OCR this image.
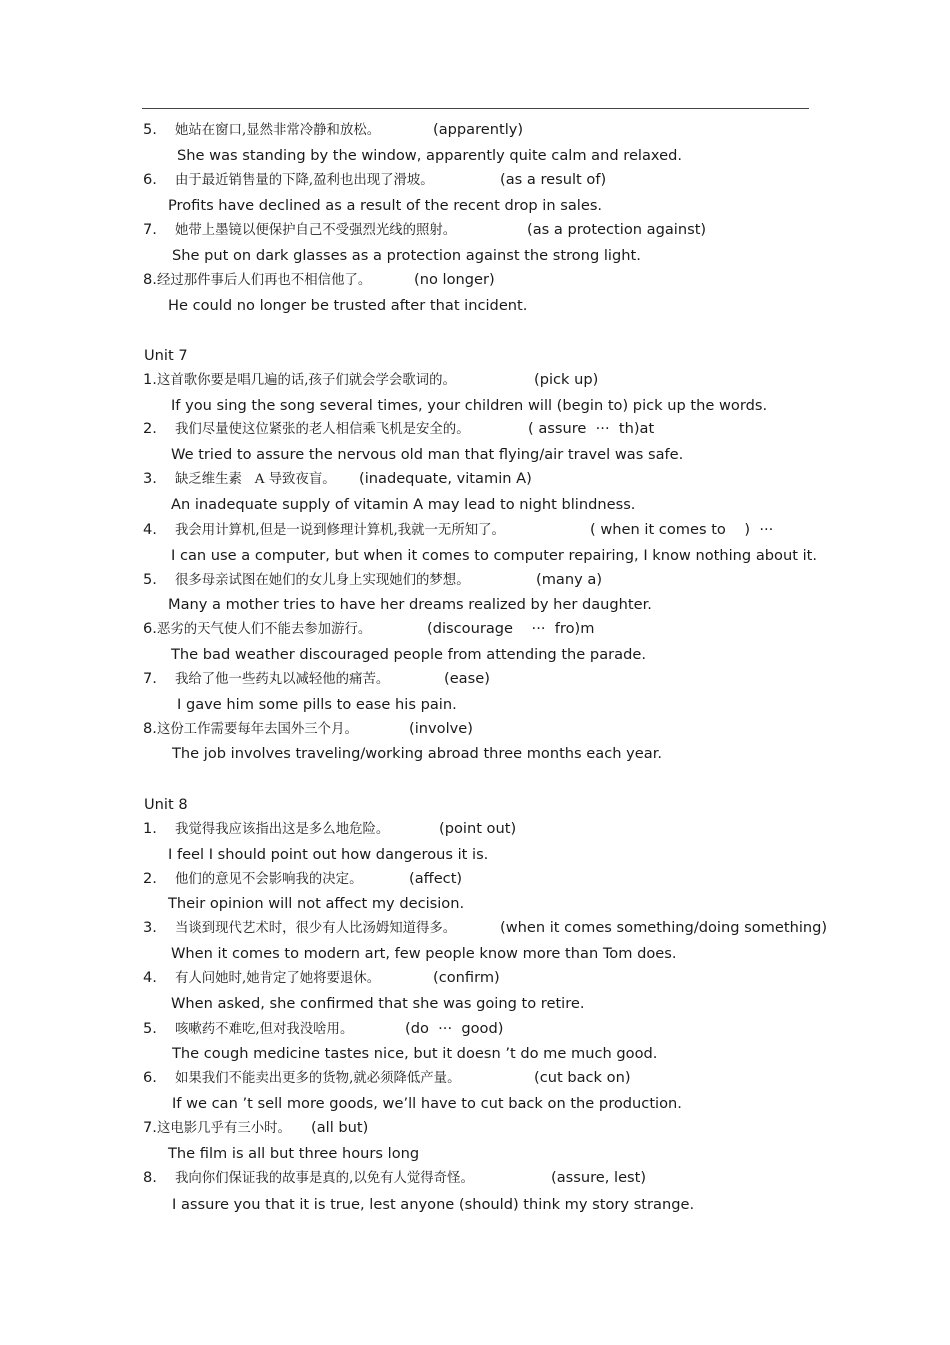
5. 她站在窗口,显然非常冷静和放松。	(apparently)
She was standing by the window, apparently quite calm and relaxed.
6. 由于最近销售量的下降,盈利也出现了滑坡。	(as a result of)
Profits have declined as a result of the recent drop in sales.
7. 她带上墨镜以便保护自己不受强烈光线的照射。	(as a protection against)
She put on dark glasses as a protection against the strong light.
8. 经过那件事后人们再也不相信他了。	(no longer)
He could no longer be trusted after that incident.
Unit 7
1. 这首歌你要是唱几遍的话,孩子们就会学会歌词的。	(pick up)
If you sing the song several times, your children will (begin to) pick up the words.
2. 我们尽量使这位紧张的老人相信乘飞机是安全的。	( assure  ···  th)at
We tried to assure the nervous old man that flying/air travel was safe.
3. 缺乏维生素   A 导致夜盲。 (inadequate, vitamin A)
An inadequate supply of vitamin A may lead to night blindness.
4. 我会用计算机,但是一说到修理计算机,我就一无所知了。	( when it comes to    )  ···
I can use a computer, but when it comes to computer repairing, I know nothing about it.
5. 很多母亲试图在她们的女儿身上实现她们的梦想。	(many a)
Many a mother tries to have her dreams realized by her daughter.
6. 恶劣的天气使人们不能去参加游行。	(discourage    ···  fro)m
The bad weather discouraged people from attending the parade.
7. 我给了他一些药丸以减轻他的痛苦。	(ease)
I gave him some pills to ease his pain.
8. 这份工作需要每年去国外三个月。	(involve)
The job involves traveling/working abroad three months each year.
Unit 8
1. 我觉得我应该指出这是多么地危险。	(point out)
I feel I should point out how dangerous it is.
2. 他们的意见不会影响我的决定。	(affect)
Their opinion will not affect my decision.
3. 当谈到现代艺术时，很少有人比汤姆知道得多。	(when it comes something/doing something)
When it comes to modern art, few people know more than Tom does.
4. 有人问她时,她肯定了她将要退休。	(confirm)
When asked, she confirmed that she was going to retire.
5. 咳嗽药不难吃,但对我没啥用。	(do  ···  good)
The cough medicine tastes nice, but it doesn ’t do me much good.
6. 如果我们不能卖出更多的货物,就必须降低产量。	(cut back on)
If we can ’t sell more goods, we’ll have to cut back on the production.
7. 这电影几乎有三小时。 (all but)
The film is all but three hours long
8. 我向你们保证我的故事是真的,以免有人觉得奇怪。	(assure, lest)
I assure you that it is true, lest anyone (should) think my story strange.
